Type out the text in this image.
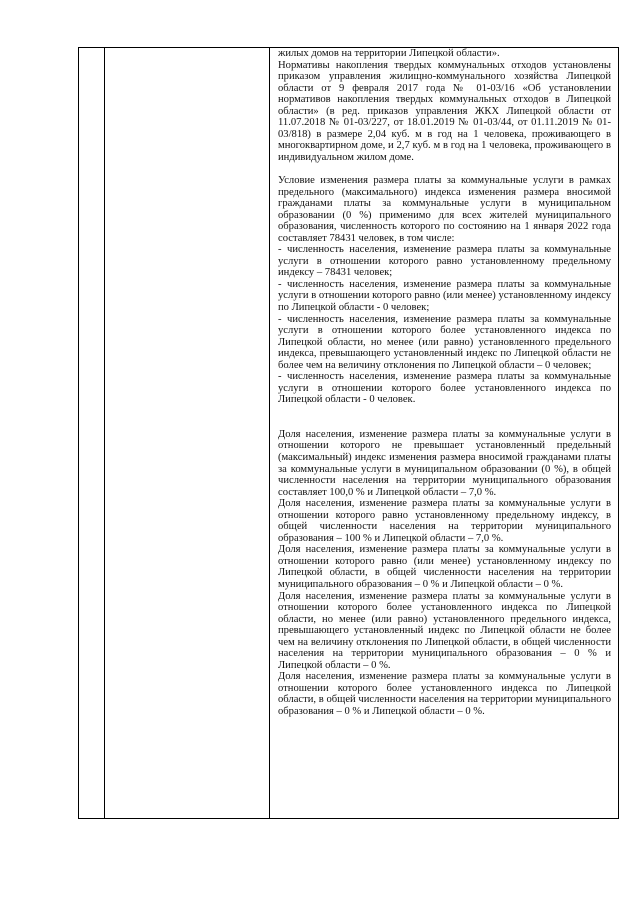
жилых домов на территории Липецкой области».

Нормативы накопления твердых коммунальных отходов установлены приказом управления жилищно-коммунального хозяйства Липецкой области от 9 февраля 2017 года № 01-03/16 «Об установлении нормативов накопления твердых коммунальных отходов в Липецкой области» (в ред. приказов управления ЖКХ Липецкой области от 11.07.2018 № 01-03/227, от 18.01.2019 № 01-03/44, от 01.11.2019 № 01-03/818) в размере 2,04 куб. м в год на 1 человека, проживающего в многоквартирном доме, и 2,7 куб. м в год на 1 человека, проживающего в индивидуальном жилом доме.

Условие изменения размера платы за коммунальные услуги в рамках предельного (максимального) индекса изменения размера вносимой гражданами платы за коммунальные услуги в муниципальном образовании (0 %) применимо для всех жителей муниципального образования, численность которого по состоянию на 1 января 2022 года составляет 78431 человек, в том числе:

- численность населения, изменение размера платы за коммунальные услуги в отношении которого равно установленному предельному индексу – 78431 человек;

- численность населения, изменение размера платы за коммунальные услуги в отношении которого равно (или менее) установленному индексу по Липецкой области - 0 человек;

- численность населения, изменение размера платы за коммунальные услуги в отношении которого более установленного индекса по Липецкой области, но менее (или равно) установленного предельного индекса, превышающего установленный индекс по Липецкой области не более чем на величину отклонения по Липецкой области – 0 человек;

- численность населения, изменение размера платы за коммунальные услуги в отношении которого более установленного индекса по Липецкой области - 0 человек.

Доля населения, изменение размера платы за коммунальные услуги в отношении которого не превышает установленный предельный (максимальный) индекс изменения размера вносимой гражданами платы за коммунальные услуги в муниципальном образовании (0 %), в общей численности населения на территории муниципального образования составляет 100,0 % и Липецкой области – 7,0 %.

Доля населения, изменение размера платы за коммунальные услуги в отношении которого равно установленному предельному индексу, в общей численности населения на территории муниципального образования – 100 % и Липецкой области – 7,0 %.

Доля населения, изменение размера платы за коммунальные услуги в отношении которого равно (или менее) установленному индексу по Липецкой области, в общей численности населения на территории муниципального образования – 0 % и Липецкой области – 0 %.

Доля населения, изменение размера платы за коммунальные услуги в отношении которого более установленного индекса по Липецкой области, но менее (или равно) установленного предельного индекса, превышающего установленный индекс по Липецкой области не более чем на величину отклонения по Липецкой области, в общей численности населения на территории муниципального образования – 0 % и Липецкой области – 0 %.

Доля населения, изменение размера платы за коммунальные услуги в отношении которого более установленного индекса по Липецкой области, в общей численности населения на территории муниципального образования – 0 % и Липецкой области – 0 %.
